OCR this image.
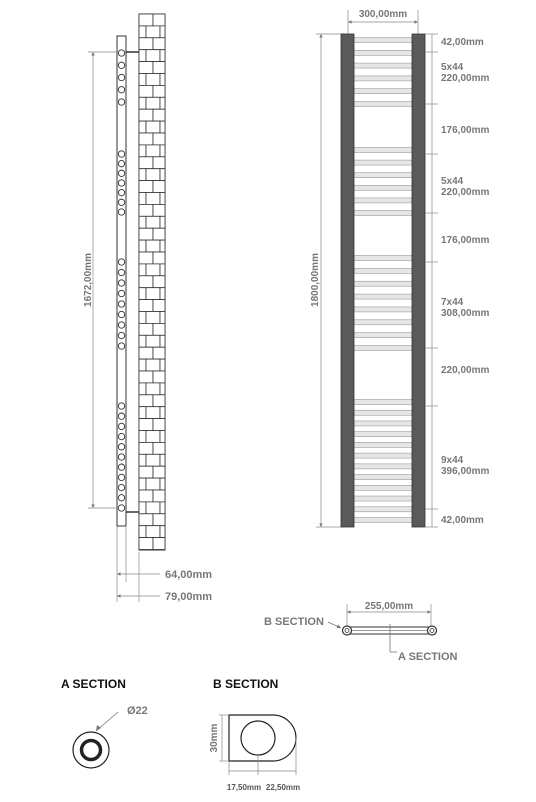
1672,00mm
64,00mm
79,00mm
300,00mm
1800,00mm
42,00mm
5x44
220,00mm
176,00mm
5x44
220,00mm
176,00mm
7x44
308,00mm
220,00mm
9x44
396,00mm
42,00mm
255,00mm
B SECTION
A SECTION
A SECTION
Ø22
B SECTION
30mm
17,50mm 22,50mm
